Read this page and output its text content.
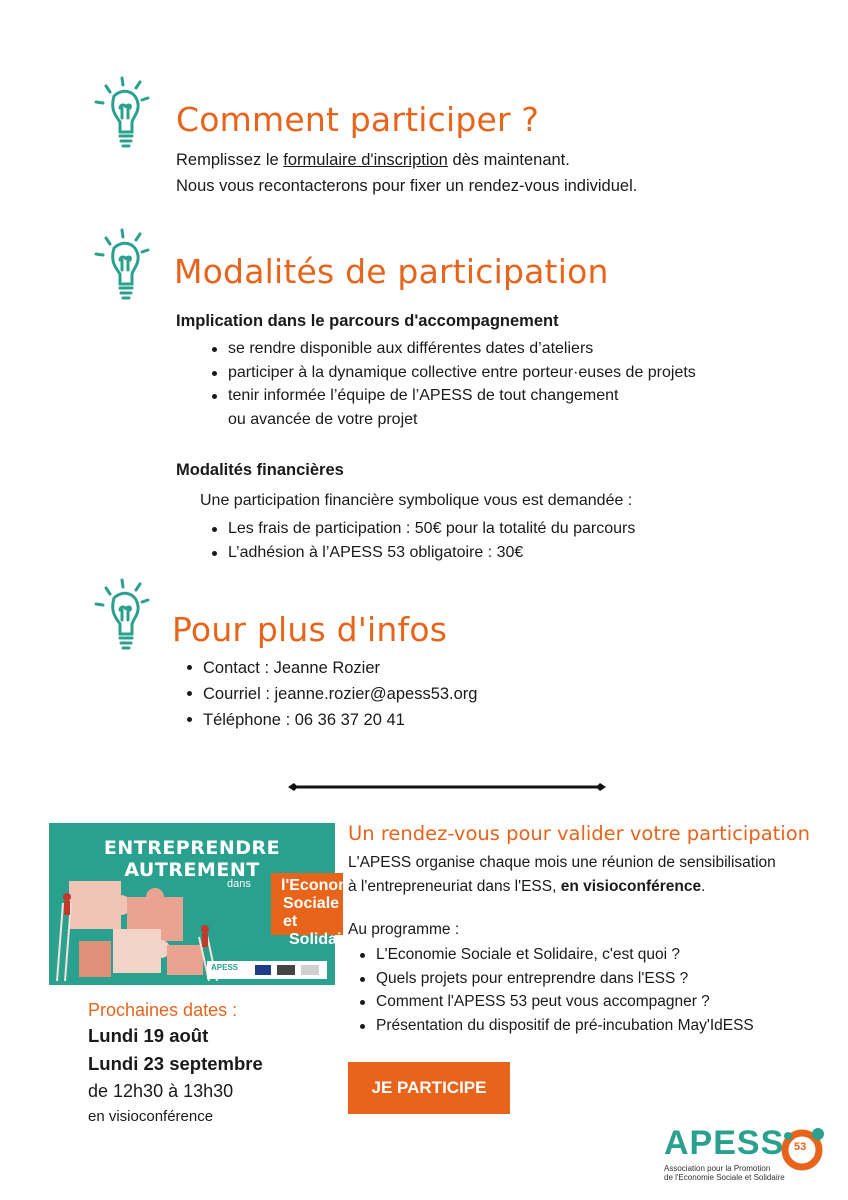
Comment participer ?
Remplissez le formulaire d'inscription dès maintenant.
Nous vous recontacterons pour fixer un rendez-vous individuel.
Modalités de participation
Implication dans le parcours d'accompagnement
se rendre disponible aux différentes dates d’ateliers
participer à la dynamique collective entre porteur·euses de projets
tenir informée l’équipe de l’APESS de tout changement
ou avancée de votre projet
Modalités financières
Une participation financière symbolique vous est demandée :
Les frais de participation : 50€ pour la totalité du parcours
L’adhésion à l’APESS 53 obligatoire : 30€
Pour plus d'infos
Contact : Jeanne Rozier
Courriel : jeanne.rozier@apess53.org
Téléphone : 06 36 37 20 41
ENTREPRENDRE AUTREMENT
dans l'Economie
Sociale et
Solidaire
APESS
Prochaines dates :
Lundi 19 août
Lundi 23 septembre
de 12h30 à 13h30
en visioconférence
Un rendez-vous pour valider votre participation
L'APESS organise chaque mois une réunion de sensibilisation
à l'entrepreneuriat dans l'ESS, en visioconférence.
Au programme :
L'Economie Sociale et Solidaire, c'est quoi ?
Quels projets pour entreprendre dans l'ESS ?
Comment l'APESS 53 peut vous accompagner ?
Présentation du dispositif de pré-incubation May'IdESS
JE PARTICIPE
APESS 53
Association pour la Promotion
de l'Economie Sociale et Solidaire
